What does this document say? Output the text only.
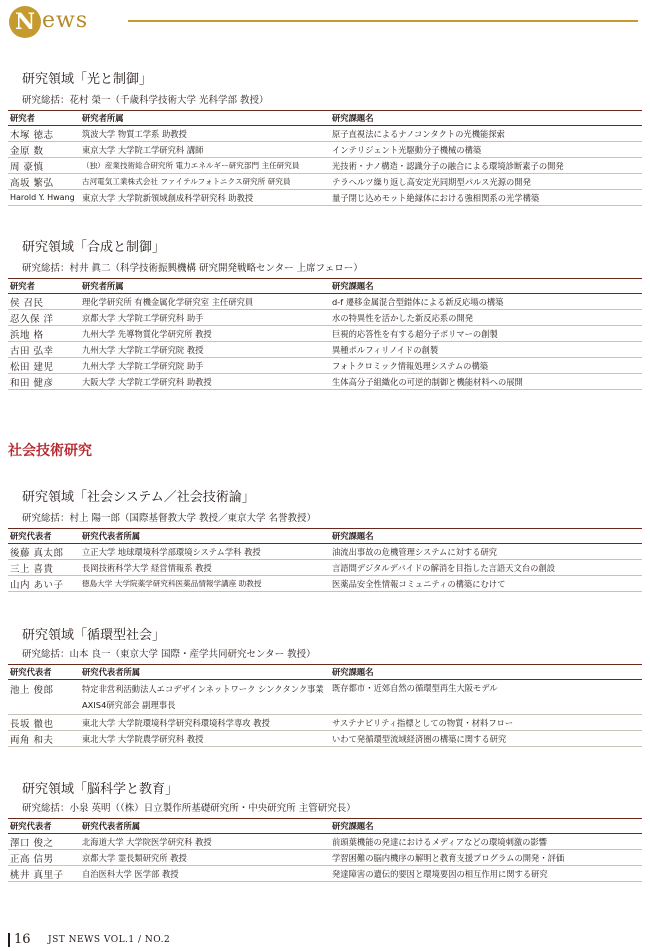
N ews
研究領域「光と制御」
研究総括：花村 榮一（千歳科学技術大学 光科学部 教授）
研究者	研究者所属	研究課題名
木塚 徳志	筑波大学 物質工学系 助教授	原子直視法によるナノコンタクトの光機能探索
金原 数	東京大学 大学院工学研究科 講師	インテリジェント光駆動分子機械の構築
周 豪慎	（独）産業技術総合研究所 電力エネルギー研究部門 主任研究員	光技術・ナノ構造・認識分子の融合による環境診断素子の開発
高坂 繁弘	古河電気工業株式会社 ファイテルフォトニクス研究所 研究員	テラヘルツ繰り返し高安定光同期型パルス光源の開発
Harold Y. Hwang	東京大学 大学院新領域創成科学研究科 助教授	量子閉じ込めモット絶縁体における強相関系の光学構築
研究領域「合成と制御」
研究総括：村井 眞二（科学技術振興機構 研究開発戦略センター 上席フェロー）
研究者	研究者所属	研究課題名
侯 召民	理化学研究所 有機金属化学研究室 主任研究員	d-f 遷移金属混合型錯体による新反応場の構築
忍久保 洋	京都大学 大学院工学研究科 助手	水の特異性を活かした新反応系の開発
浜地 格	九州大学 先導物質化学研究所 教授	巨視的応答性を有する超分子ポリマーの創製
古田 弘幸	九州大学 大学院工学研究院 教授	異種ポルフィリノイドの創製
松田 建児	九州大学 大学院工学研究院 助手	フォトクロミック情報処理システムの構築
和田 健彦	大阪大学 大学院工学研究科 助教授	生体高分子組織化の可逆的制御と機能材料への展開
社会技術研究
研究領域「社会システム／社会技術論」
研究総括：村上 陽一郎（国際基督教大学 教授／東京大学 名誉教授）
研究代表者	研究代表者所属	研究課題名
後藤 真太郎	立正大学 地球環境科学部環境システム学科 教授	油流出事故の危機管理システムに対する研究
三上 喜貴	長岡技術科学大学 経営情報系 教授	言語間デジタルデバイドの解消を目指した言語天文台の創設
山内 あい子	徳島大学 大学院薬学研究科医薬品情報学講座 助教授	医薬品安全性情報コミュニティの構築にむけて
研究領域「循環型社会」
研究総括：山本 良一（東京大学 国際・産学共同研究センター 教授）
研究代表者	研究代表者所属	研究課題名
池上 俊郎	特定非営利活動法人エコデザインネットワーク シンクタンク事業AXIS4研究部会 副理事長	既存都市・近郊自然の循環型再生大阪モデル
長坂 徹也	東北大学 大学院環境科学研究科環境科学専攻 教授	サステナビリティ指標としての物質・材料フロー
両角 和夫	東北大学 大学院農学研究科 教授	いわて発循環型流域経済圏の構築に関する研究
研究領域「脳科学と教育」
研究総括：小泉 英明（（株）日立製作所基礎研究所・中央研究所 主管研究長）
研究代表者	研究代表者所属	研究課題名
澤口 俊之	北海道大学 大学院医学研究科 教授	前頭葉機能の発達におけるメディアなどの環境刺激の影響
正高 信男	京都大学 霊長類研究所 教授	学習困難の脳内機序の解明と教育支援プログラムの開発・評価
桃井 真里子	自治医科大学 医学部 教授	発達障害の遺伝的要因と環境要因の相互作用に関する研究
16 JST NEWS VOL.1 / NO.2
